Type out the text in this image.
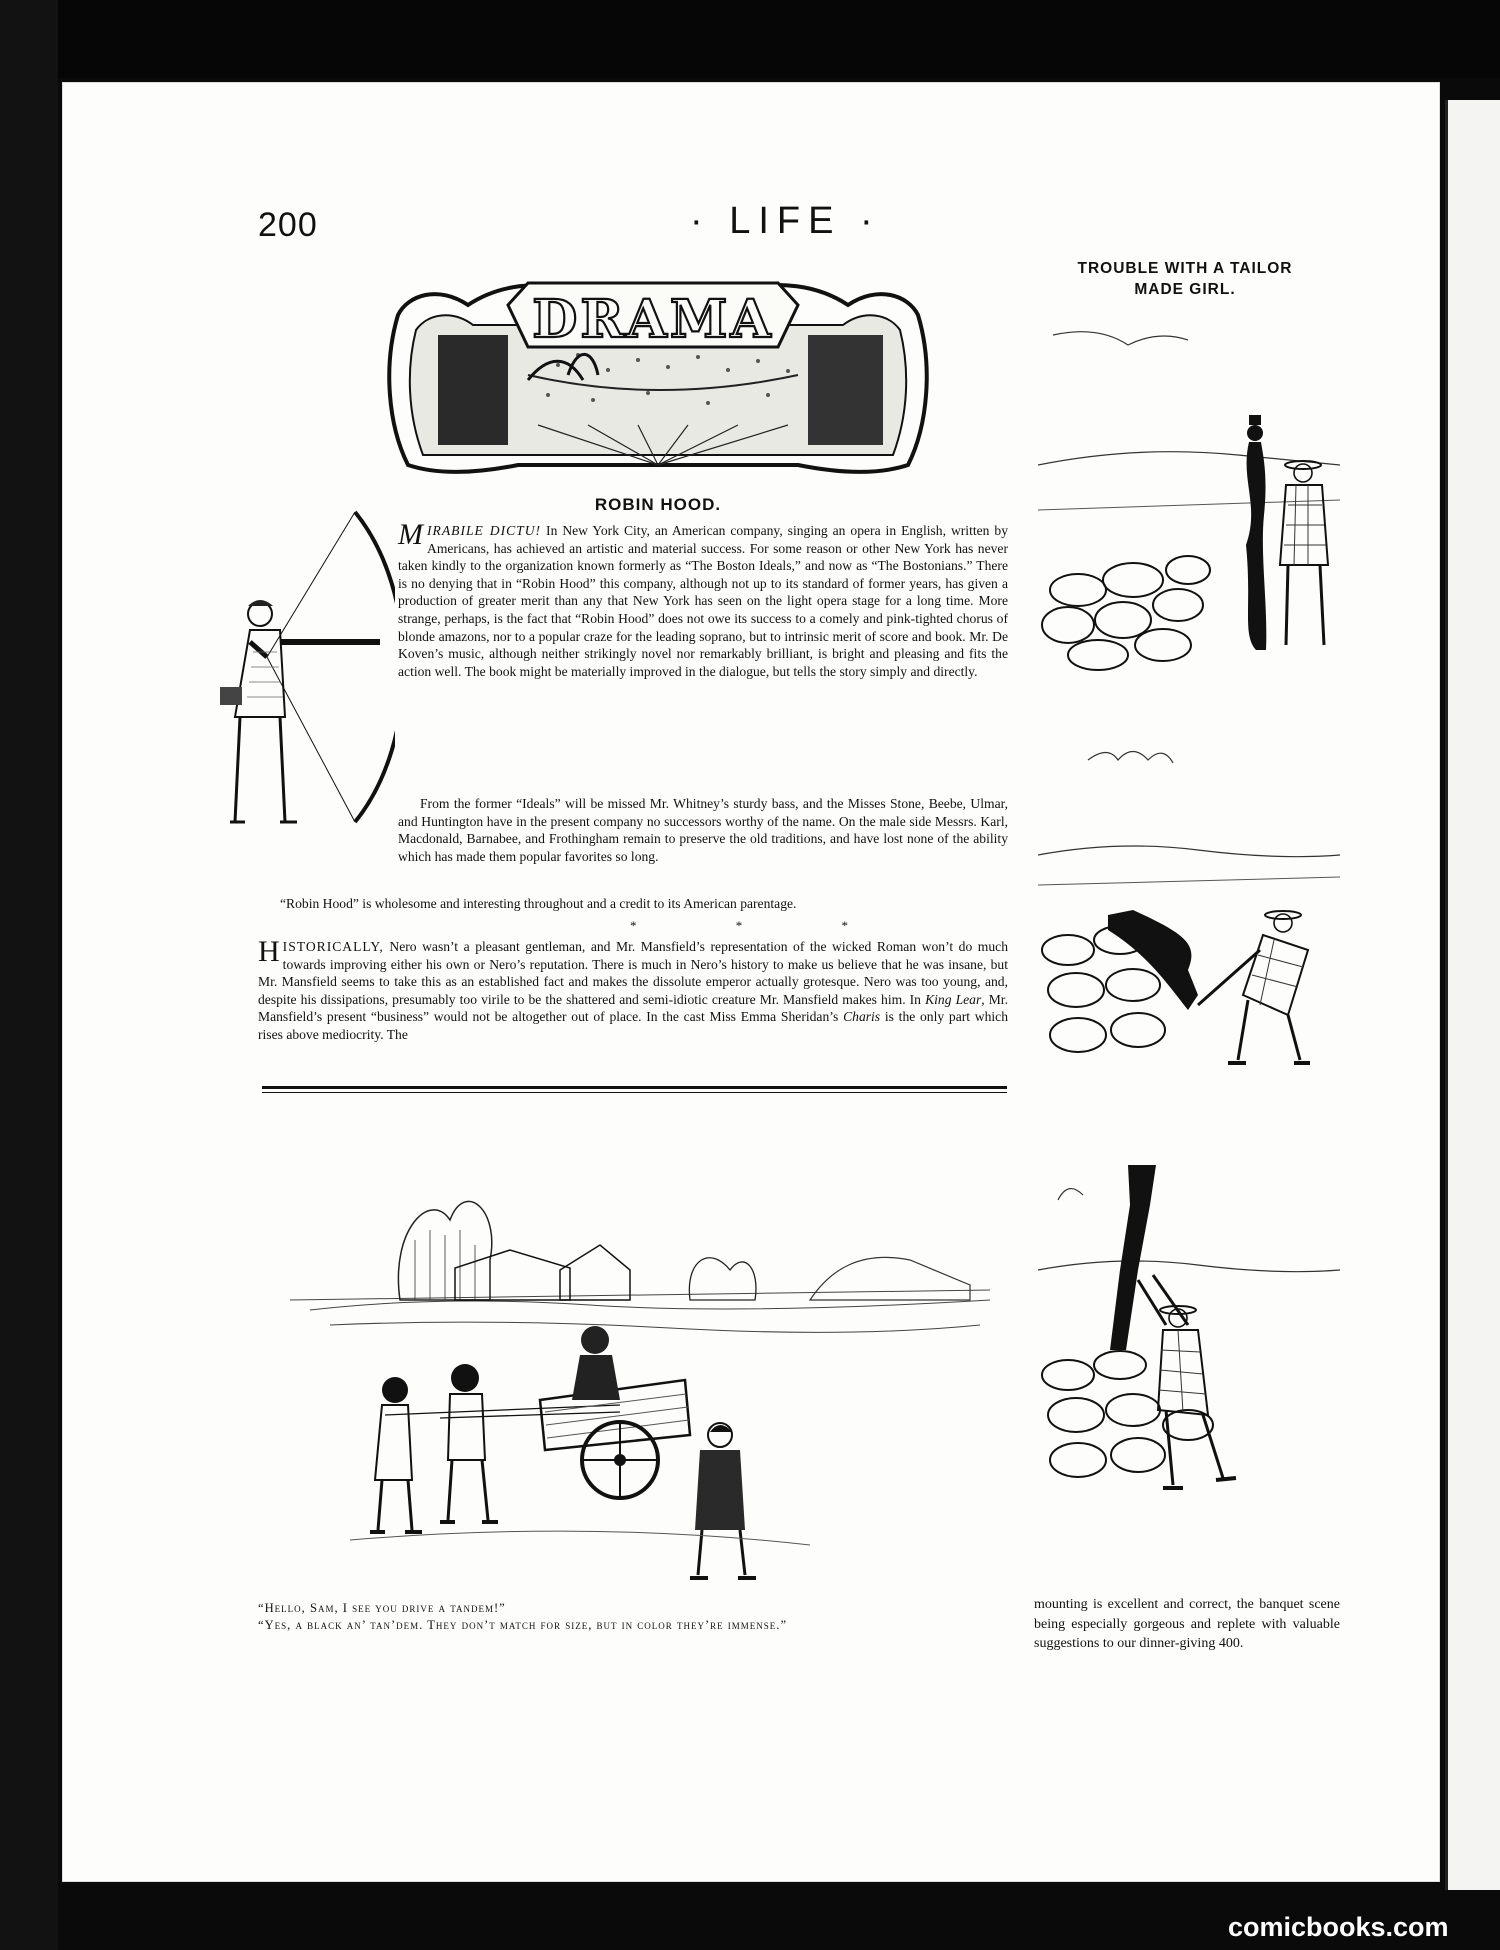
200	· LIFE ·
DRAMA
ROBIN HOOD.

MIRABILE DICTU! In New York City, an American company, singing an opera in English, written by Americans, has achieved an artistic and material success. For some reason or other New York has never taken kindly to the organization known formerly as “The Boston Ideals,” and now as “The Bostonians.” There is no denying that in “Robin Hood” this company, although not up to its standard of former years, has given a production of greater merit than any that New York has seen on the light opera stage for a long time. More strange, perhaps, is the fact that “Robin Hood” does not owe its success to a comely and pink-tighted chorus of blonde amazons, nor to a popular craze for the leading soprano, but to intrinsic merit of score and book. Mr. De Koven’s music, although neither strikingly novel nor remarkably brilliant, is bright and pleasing and fits the action well. The book might be materially improved in the dialogue, but tells the story simply and directly.

From the former “Ideals” will be missed Mr. Whitney’s sturdy bass, and the Misses Stone, Beebe, Ulmar, and Huntington have in the present company no successors worthy of the name. On the male side Messrs. Karl, Macdonald, Barnabee, and Frothingham remain to preserve the old traditions, and have lost none of the ability which has made them popular favorites so long.

“Robin Hood” is wholesome and interesting throughout and a credit to its American parentage.

* * *

HISTORICALLY, Nero wasn’t a pleasant gentleman, and Mr. Mansfield’s representation of the wicked Roman won’t do much towards improving either his own or Nero’s reputation. There is much in Nero’s history to make us believe that he was insane, but Mr. Mansfield seems to take this as an established fact and makes the dissolute emperor actually grotesque. Nero was too young, and, despite his dissipations, presumably too virile to be the shattered and semi-idiotic creature Mr. Mansfield makes him. In King Lear, Mr. Mansfield’s present “business” would not be altogether out of place. In the cast Miss Emma Sheridan’s Charis is the only part which rises above mediocrity. The

“Hello, Sam, I see you drive a tandem!”
“Yes, a black an’ tan’dem. They don’t match for size, but in color they’re immense.”
TROUBLE WITH A TAILOR
MADE GIRL.
mounting is excellent and correct, the banquet scene being especially gorgeous and replete with valuable suggestions to our dinner-giving 400.
comicbooks.com
